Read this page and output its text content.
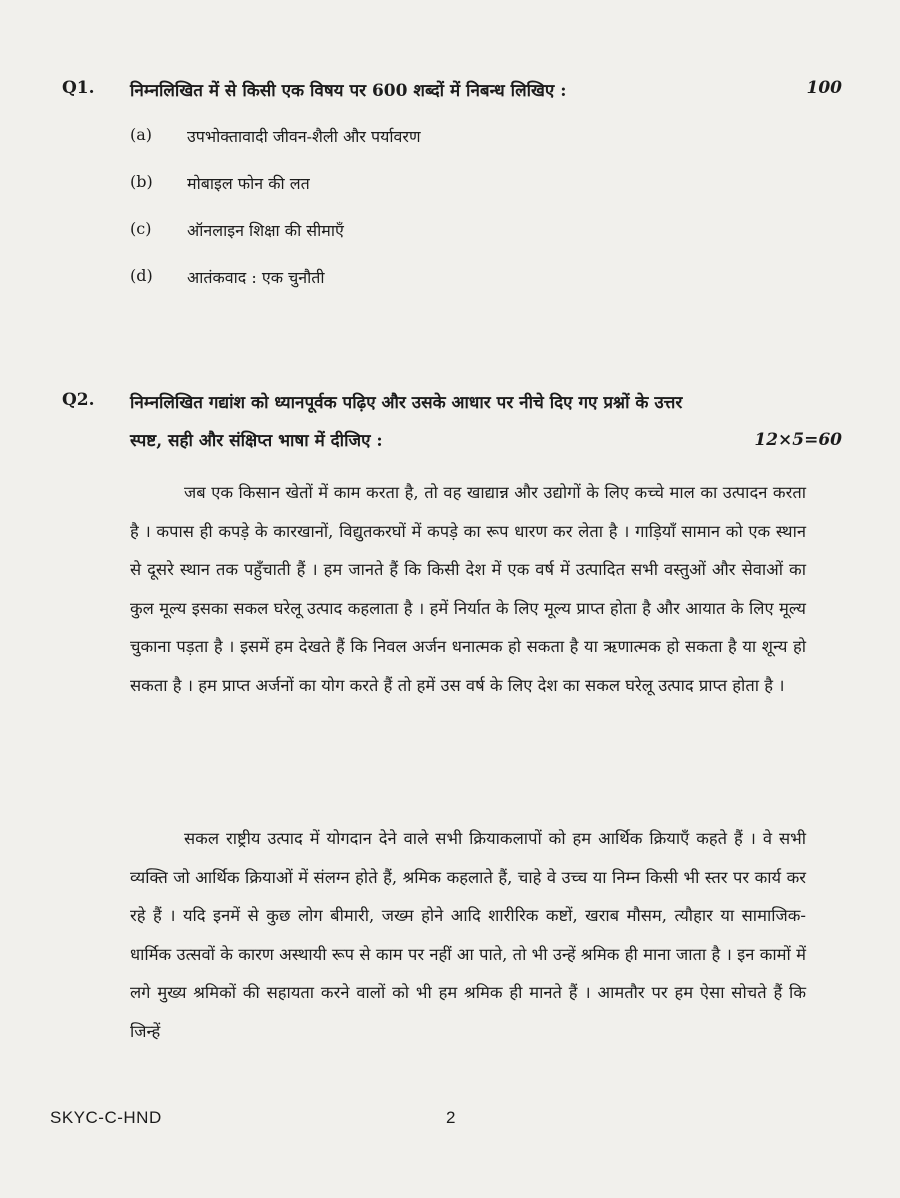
Q1. निम्नलिखित में से किसी एक विषय पर 600 शब्दों में निबन्ध लिखिए :	100
(a) उपभोक्तावादी जीवन-शैली और पर्यावरण
(b) मोबाइल फोन की लत
(c) ऑनलाइन शिक्षा की सीमाएँ
(d) आतंकवाद : एक चुनौती
Q2. निम्नलिखित गद्यांश को ध्यानपूर्वक पढ़िए और उसके आधार पर नीचे दिए गए प्रश्नों के उत्तर
स्पष्ट, सही और संक्षिप्त भाषा में दीजिए :	12×5=60

जब एक किसान खेतों में काम करता है, तो वह खाद्यान्न और उद्योगों के लिए कच्चे माल का उत्पादन करता है । कपास ही कपड़े के कारखानों, विद्युतकरघों में कपड़े का रूप धारण कर लेता है । गाड़ियाँ सामान को एक स्थान से दूसरे स्थान तक पहुँचाती हैं । हम जानते हैं कि किसी देश में एक वर्ष में उत्पादित सभी वस्तुओं और सेवाओं का कुल मूल्य इसका सकल घरेलू उत्पाद कहलाता है । हमें निर्यात के लिए मूल्य प्राप्त होता है और आयात के लिए मूल्य चुकाना पड़ता है । इसमें हम देखते हैं कि निवल अर्जन धनात्मक हो सकता है या ऋणात्मक हो सकता है या शून्य हो सकता है । हम प्राप्त अर्जनों का योग करते हैं तो हमें उस वर्ष के लिए देश का सकल घरेलू उत्पाद प्राप्त होता है ।

सकल राष्ट्रीय उत्पाद में योगदान देने वाले सभी क्रियाकलापों को हम आर्थिक क्रियाएँ कहते हैं । वे सभी व्यक्ति जो आर्थिक क्रियाओं में संलग्न होते हैं, श्रमिक कहलाते हैं, चाहे वे उच्च या निम्न किसी भी स्तर पर कार्य कर रहे हैं । यदि इनमें से कुछ लोग बीमारी, जख्म होने आदि शारीरिक कष्टों, खराब मौसम, त्यौहार या सामाजिक-धार्मिक उत्सवों के कारण अस्थायी रूप से काम पर नहीं आ पाते, तो भी उन्हें श्रमिक ही माना जाता है । इन कामों में लगे मुख्य श्रमिकों की सहायता करने वालों को भी हम श्रमिक ही मानते हैं । आमतौर पर हम ऐसा सोचते हैं कि जिन्हें

SKYC-C-HND	2
